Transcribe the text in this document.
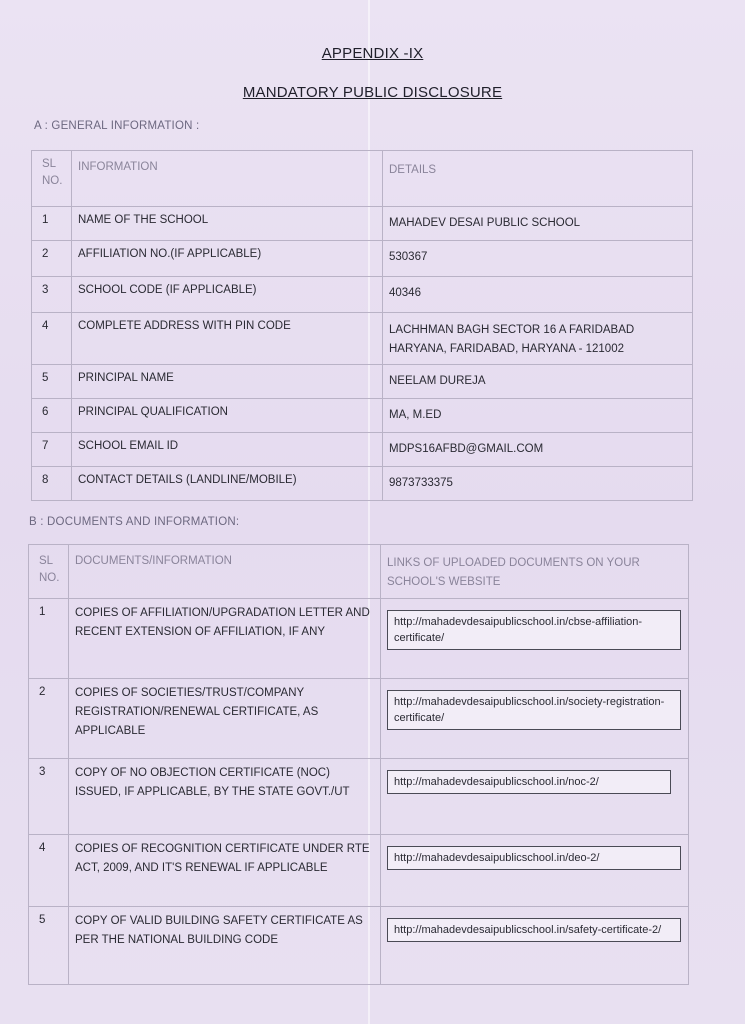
APPENDIX -IX
MANDATORY PUBLIC DISCLOSURE
A : GENERAL INFORMATION :
SL NO.	INFORMATION	DETAILS
1	NAME OF THE SCHOOL	MAHADEV DESAI PUBLIC SCHOOL
2	AFFILIATION NO.(IF APPLICABLE)	530367
3	SCHOOL CODE (IF APPLICABLE)	40346
4	COMPLETE ADDRESS WITH PIN CODE	LACHHMAN BAGH SECTOR 16 A FARIDABAD HARYANA, FARIDABAD, HARYANA - 121002
5	PRINCIPAL NAME	NEELAM DUREJA
6	PRINCIPAL QUALIFICATION	MA, M.ED
7	SCHOOL EMAIL ID	MDPS16AFBD@GMAIL.COM
8	CONTACT DETAILS (LANDLINE/MOBILE)	9873733375
B : DOCUMENTS AND INFORMATION:
SL NO.	DOCUMENTS/INFORMATION	LINKS OF UPLOADED DOCUMENTS ON YOUR SCHOOL'S WEBSITE
1	COPIES OF AFFILIATION/UPGRADATION LETTER AND RECENT EXTENSION OF AFFILIATION, IF ANY	http://mahadevdesaipublicschool.in/cbse-affiliation-certificate/

2	COPIES OF SOCIETIES/TRUST/COMPANY REGISTRATION/RENEWAL CERTIFICATE, AS APPLICABLE	http://mahadevdesaipublicschool.in/society-registration-certificate/

3	COPY OF NO OBJECTION CERTIFICATE (NOC) ISSUED, IF APPLICABLE, BY THE STATE GOVT./UT	http://mahadevdesaipublicschool.in/noc-2/

4	COPIES OF RECOGNITION CERTIFICATE UNDER RTE ACT, 2009, AND IT'S RENEWAL IF APPLICABLE	http://mahadevdesaipublicschool.in/deo-2/

5	COPY OF VALID BUILDING SAFETY CERTIFICATE AS PER THE NATIONAL BUILDING CODE	http://mahadevdesaipublicschool.in/safety-certificate-2/
